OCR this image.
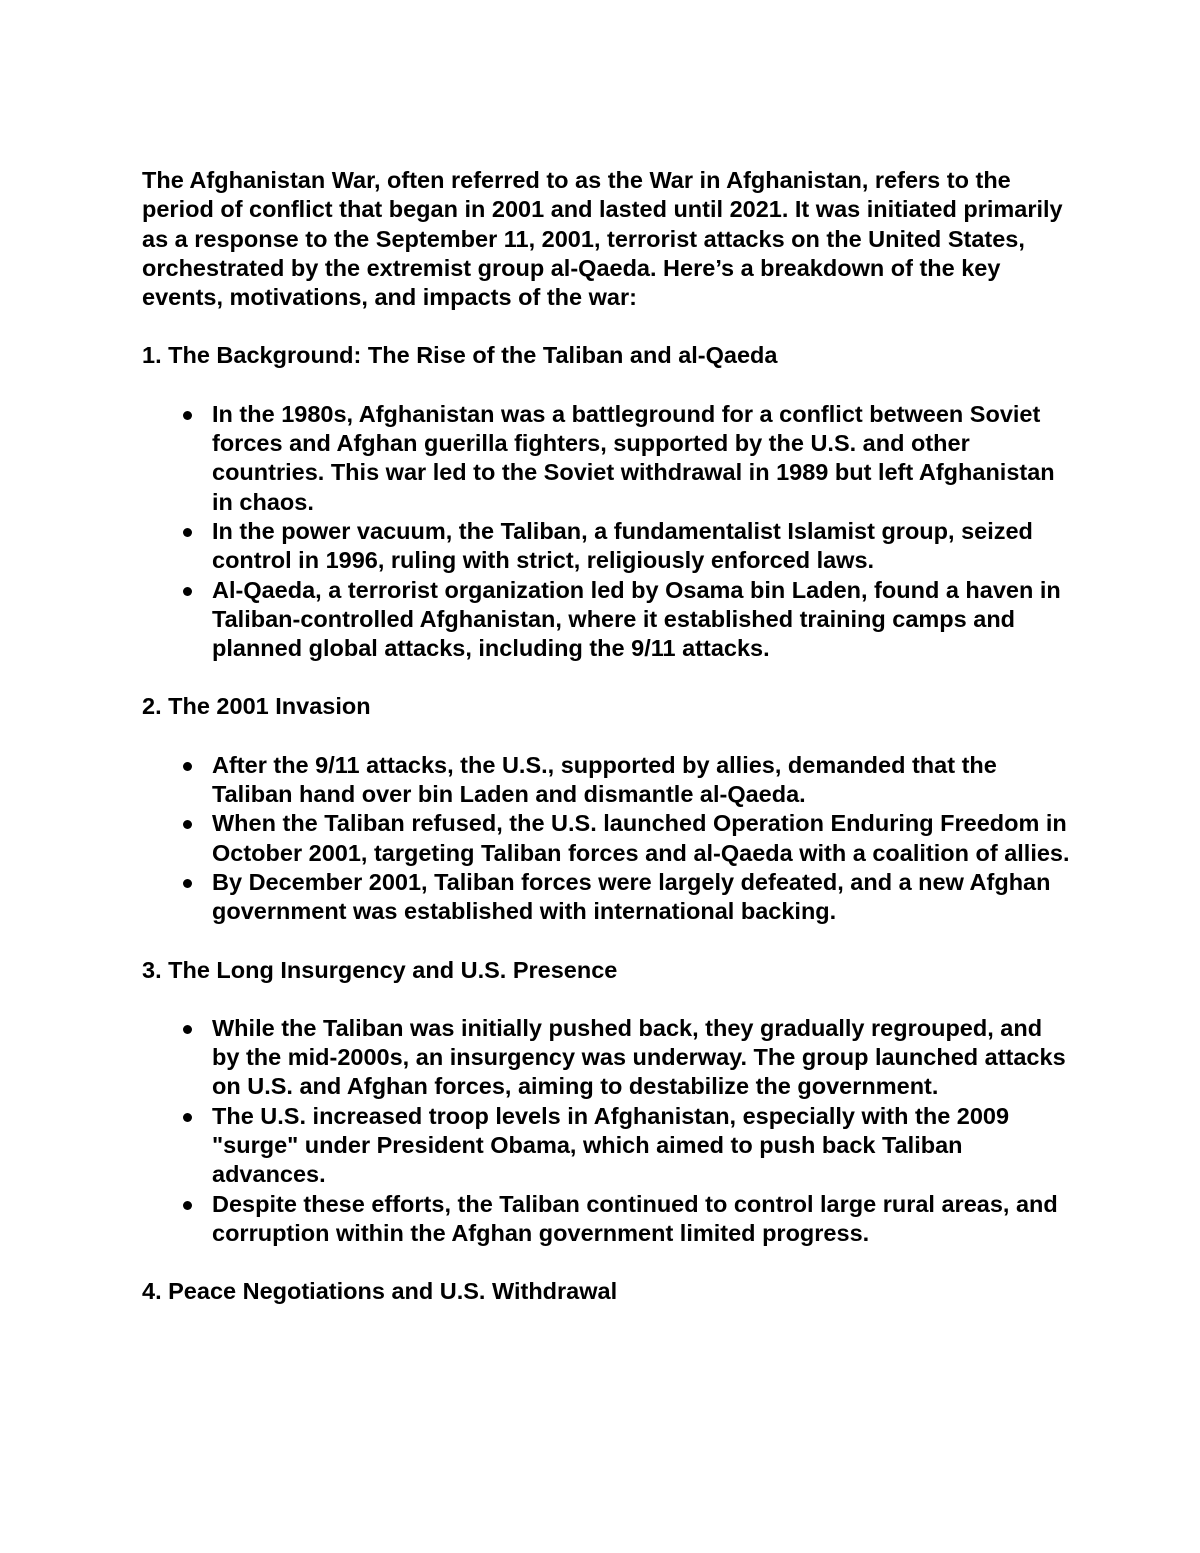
The Afghanistan War, often referred to as the War in Afghanistan, refers to the period of conflict that began in 2001 and lasted until 2021. It was initiated primarily as a response to the September 11, 2001, terrorist attacks on the United States, orchestrated by the extremist group al-Qaeda. Here’s a breakdown of the key events, motivations, and impacts of the war:

1. The Background: The Rise of the Taliban and al-Qaeda
In the 1980s, Afghanistan was a battleground for a conflict between Soviet forces and Afghan guerilla fighters, supported by the U.S. and other countries. This war led to the Soviet withdrawal in 1989 but left Afghanistan in chaos.
In the power vacuum, the Taliban, a fundamentalist Islamist group, seized control in 1996, ruling with strict, religiously enforced laws.
Al-Qaeda, a terrorist organization led by Osama bin Laden, found a haven in Taliban-controlled Afghanistan, where it established training camps and planned global attacks, including the 9/11 attacks.
2. The 2001 Invasion
After the 9/11 attacks, the U.S., supported by allies, demanded that the Taliban hand over bin Laden and dismantle al-Qaeda.
When the Taliban refused, the U.S. launched Operation Enduring Freedom in October 2001, targeting Taliban forces and al-Qaeda with a coalition of allies.
By December 2001, Taliban forces were largely defeated, and a new Afghan government was established with international backing.
3. The Long Insurgency and U.S. Presence
While the Taliban was initially pushed back, they gradually regrouped, and by the mid-2000s, an insurgency was underway. The group launched attacks on U.S. and Afghan forces, aiming to destabilize the government.
The U.S. increased troop levels in Afghanistan, especially with the 2009 "surge" under President Obama, which aimed to push back Taliban advances.
Despite these efforts, the Taliban continued to control large rural areas, and corruption within the Afghan government limited progress.
4. Peace Negotiations and U.S. Withdrawal
